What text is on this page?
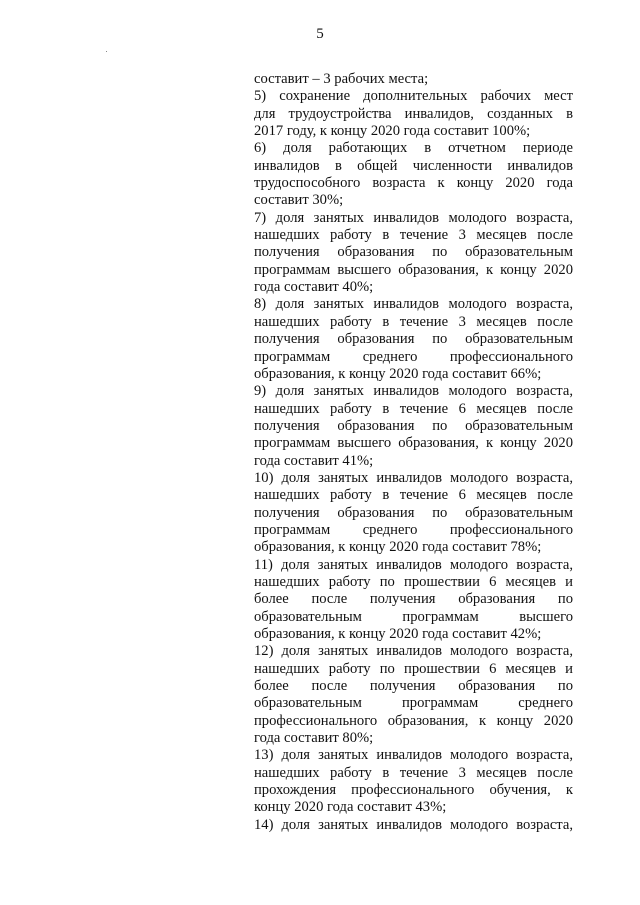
5
составит – 3 рабочих места;
5) сохранение дополнительных рабочих мест
для трудоустройства инвалидов, созданных в
2017 году, к концу 2020 года составит 100%;
6) доля работающих в отчетном периоде
инвалидов в общей численности инвалидов
трудоспособного возраста к концу 2020 года
составит 30%;
7) доля занятых инвалидов молодого возраста,
нашедших работу в течение 3 месяцев после
получения образования по образовательным
программам высшего образования, к концу 2020
года составит 40%;
8) доля занятых инвалидов молодого возраста,
нашедших работу в течение 3 месяцев после
получения образования по образовательным
программам среднего профессионального
образования, к концу 2020 года составит 66%;
9) доля занятых инвалидов молодого возраста,
нашедших работу в течение 6 месяцев после
получения образования по образовательным
программам высшего образования, к концу 2020
года составит 41%;
10) доля занятых инвалидов молодого возраста,
нашедших работу в течение 6 месяцев после
получения образования по образовательным
программам среднего профессионального
образования, к концу 2020 года составит 78%;
11) доля занятых инвалидов молодого возраста,
нашедших работу по прошествии 6 месяцев и
более после получения образования по
образовательным программам высшего
образования, к концу 2020 года составит 42%;
12) доля занятых инвалидов молодого возраста,
нашедших работу по прошествии 6 месяцев и
более после получения образования по
образовательным программам среднего
профессионального образования, к концу 2020
года составит 80%;
13) доля занятых инвалидов молодого возраста,
нашедших работу в течение 3 месяцев после
прохождения профессионального обучения, к
концу 2020 года составит 43%;
14) доля занятых инвалидов молодого возраста,
